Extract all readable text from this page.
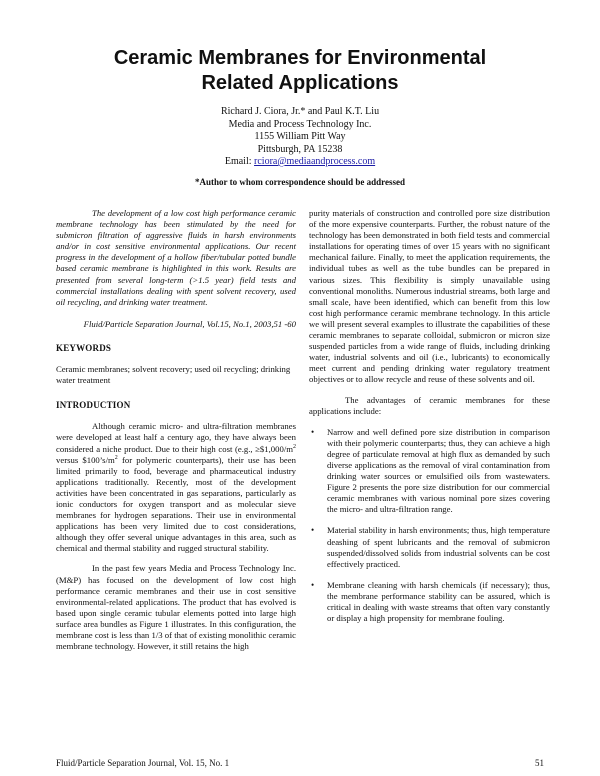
Ceramic Membranes for Environmental
Related Applications
Richard J. Ciora, Jr.* and Paul K.T. Liu
Media and Process Technology Inc.
1155 William Pitt Way
Pittsburgh, PA 15238
Email: rciora@mediaandprocess.com
*Author to whom correspondence should be addressed

The development of a low cost high performance ceramic membrane technology has been stimulated by the need for submicron filtration of aggressive fluids in harsh environments and/or in cost sensitive environmental applications. Our recent progress in the development of a hollow fiber/tubular potted bundle based ceramic membrane is highlighted in this work. Results are presented from several long-term (>1.5 year) field tests and commercial installations dealing with spent solvent recovery, used oil recycling, and drinking water treatment.

Fluid/Particle Separation Journal, Vol.15, No.1, 2003,51 -60

KEYWORDS

Ceramic membranes; solvent recovery; used oil recycling; drinking water treatment

INTRODUCTION

Although ceramic micro- and ultra-filtration membranes were developed at least half a century ago, they have always been considered a niche product. Due to their high cost (e.g., $\ge\$1,000/m^2$ versus $\$100’s/m^2$ for polymeric counterparts), their use has been limited primarily to food, beverage and pharmaceutical industry applications traditionally. Recently, most of the development activities have been concentrated in gas separations, particularly as ionic conductors for oxygen transport and as molecular sieve membranes for hydrogen separations. Their use in environmental applications has been very limited due to cost considerations, although they offer several unique advantages in this area, such as chemical and thermal stability and rugged structural stability.

In the past few years Media and Process Technology Inc. (M&P) has focused on the development of low cost high performance ceramic membranes and their use in cost sensitive environmental-related applications. The product that has evolved is based upon single ceramic tubular elements potted into large high surface area bundles as Figure 1 illustrates. In this configuration, the membrane cost is less than 1/3 of that of existing monolithic ceramic membrane technology. However, it still retains the high

purity materials of construction and controlled pore size distribution of the more expensive counterparts. Further, the robust nature of the technology has been demonstrated in both field tests and commercial installations for operating times of over 15 years with no significant mechanical failure. Finally, to meet the application requirements, the individual tubes as well as the tube bundles can be prepared in various sizes. This flexibility is simply unavailable using conventional monoliths. Numerous industrial streams, both large and small scale, have been identified, which can benefit from this low cost high performance ceramic membrane technology. In this article we will present several examples to illustrate the capabilities of these ceramic membranes to separate colloidal, submicron or micron size suspended particles from a wide range of fluids, including drinking water, industrial solvents and oil (i.e., lubricants) to economically meet current and pending drinking water regulatory treatment objectives or to allow recycle and reuse of these solvents and oil.

The advantages of ceramic membranes for these applications include:

• Narrow and well defined pore size distribution in comparison with their polymeric counterparts; thus, they can achieve a high degree of particulate removal at high flux as demanded by such diverse applications as the removal of viral contamination from drinking water sources or emulsified oils from wastewaters. Figure 2 presents the pore size distribution for our commercial ceramic membranes with various nominal pore sizes covering the micro- and ultra-filtration range.
• Material stability in harsh environments; thus, high temperature deashing of spent lubricants and the removal of submicron suspended/dissolved solids from industrial solvents can be cost effectively practiced.
• Membrane cleaning with harsh chemicals (if necessary); thus, the membrane performance stability can be assured, which is critical in dealing with waste streams that often vary constantly or display a high propensity for membrane fouling.
Fluid/Particle Separation Journal, Vol. 15, No. 1	51
